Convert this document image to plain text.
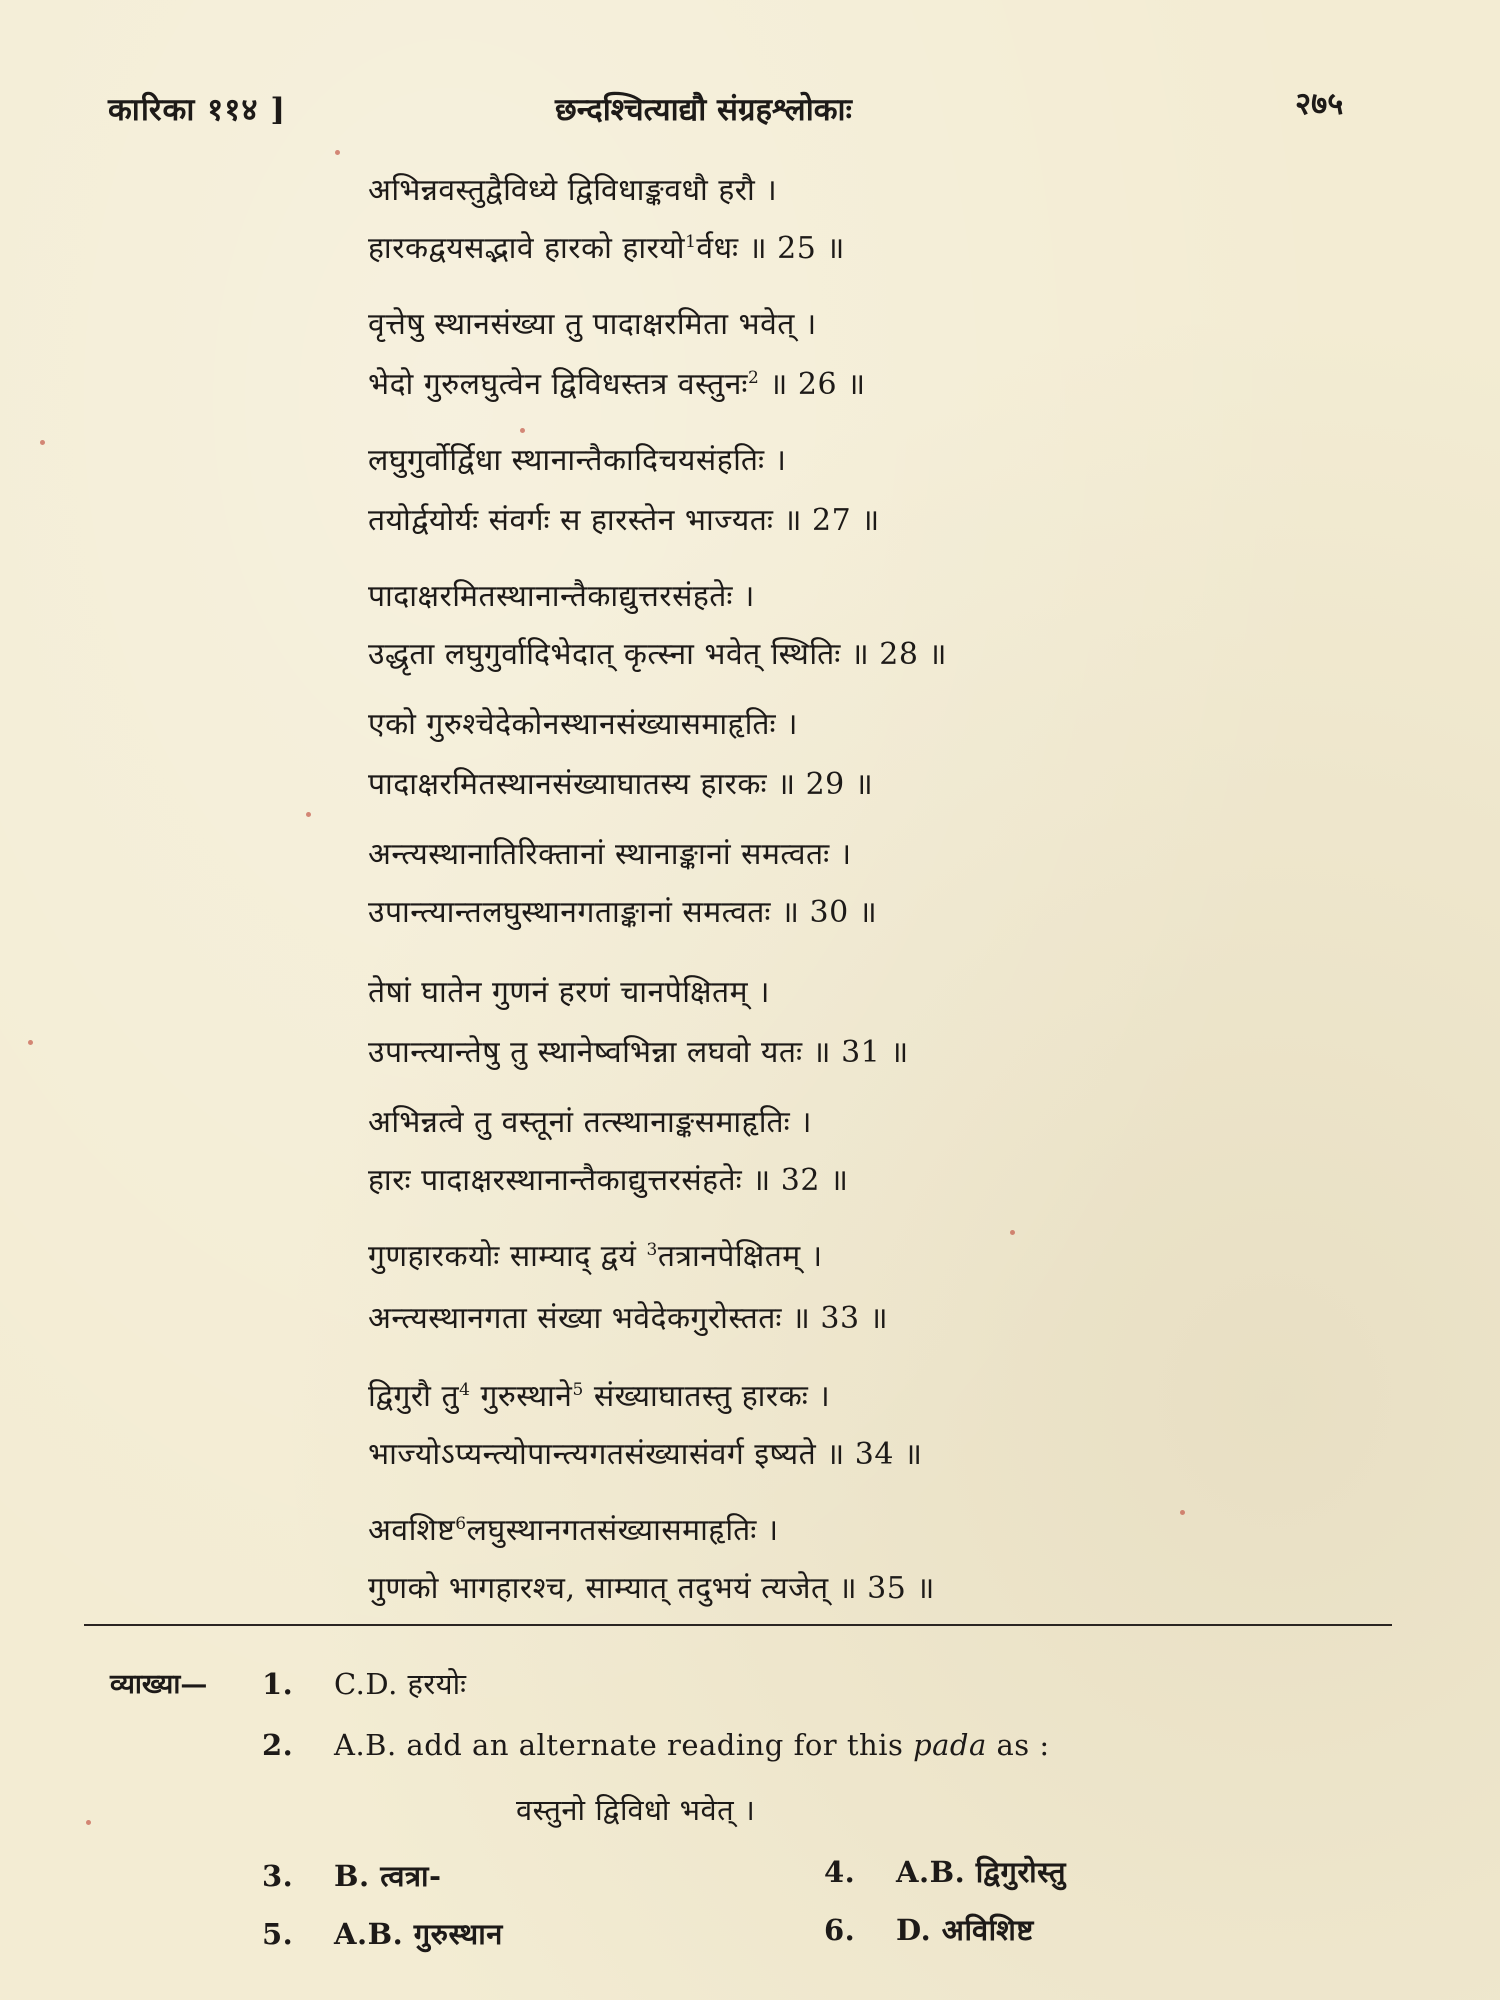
कारिका ११४ ]	छन्दश्चित्याद्यौ संग्रहश्लोकाः	२७५
अभिन्नवस्तुद्वैविध्ये द्विविधाङ्कवधौ हरौ ।
हारकद्वयसद्भावे हारको हारयो$^1$र्वधः ॥ 25 ॥
वृत्तेषु स्थानसंख्या तु पादाक्षरमिता भवेत् ।
भेदो गुरुलघुत्वेन द्विविधस्तत्र वस्तुनः$^2$ ॥ 26 ॥
लघुगुर्वोर्द्विधा स्थानान्तैकादिचयसंहतिः ।
तयोर्द्वयोर्यः संवर्गः स हारस्तेन भाज्यतः ॥ 27 ॥
पादाक्षरमितस्थानान्तैकाद्युत्तरसंहतेः ।
उद्धृता लघुगुर्वादिभेदात् कृत्स्ना भवेत् स्थितिः ॥ 28 ॥
एको गुरुश्चेदेकोनस्थानसंख्यासमाहृतिः ।
पादाक्षरमितस्थानसंख्याघातस्य हारकः ॥ 29 ॥
अन्त्यस्थानातिरिक्तानां स्थानाङ्कानां समत्वतः ।
उपान्त्यान्तलघुस्थानगताङ्कानां समत्वतः ॥ 30 ॥
तेषां घातेन गुणनं हरणं चानपेक्षितम् ।
उपान्त्यान्तेषु तु स्थानेष्वभिन्ना लघवो यतः ॥ 31 ॥
अभिन्नत्वे तु वस्तूनां तत्स्थानाङ्कसमाहृतिः ।
हारः पादाक्षरस्थानान्तैकाद्युत्तरसंहतेः ॥ 32 ॥
गुणहारकयोः साम्याद् द्वयं $^3$तत्रानपेक्षितम् ।
अन्त्यस्थानगता संख्या भवेदेकगुरोस्ततः ॥ 33 ॥
द्विगुरौ तु$^4$ गुरुस्थाने$^5$ संख्याघातस्तु हारकः ।
भाज्योऽप्यन्त्योपान्त्यगतसंख्यासंवर्ग इष्यते ॥ 34 ॥
अवशिष्ट$^6$लघुस्थानगतसंख्यासमाहृतिः ।
गुणको भागहारश्च, साम्यात् तदुभयं त्यजेत् ॥ 35 ॥
व्याख्या— 1. C.D. हरयोः
2. A.B. add an alternate reading for this pada as :
वस्तुनो द्विविधो भवेत् ।
3. B. त्वत्रा-	4. A.B. द्विगुरोस्तु
5. A.B. गुरुस्थान	6. D. अविशिष्ट
